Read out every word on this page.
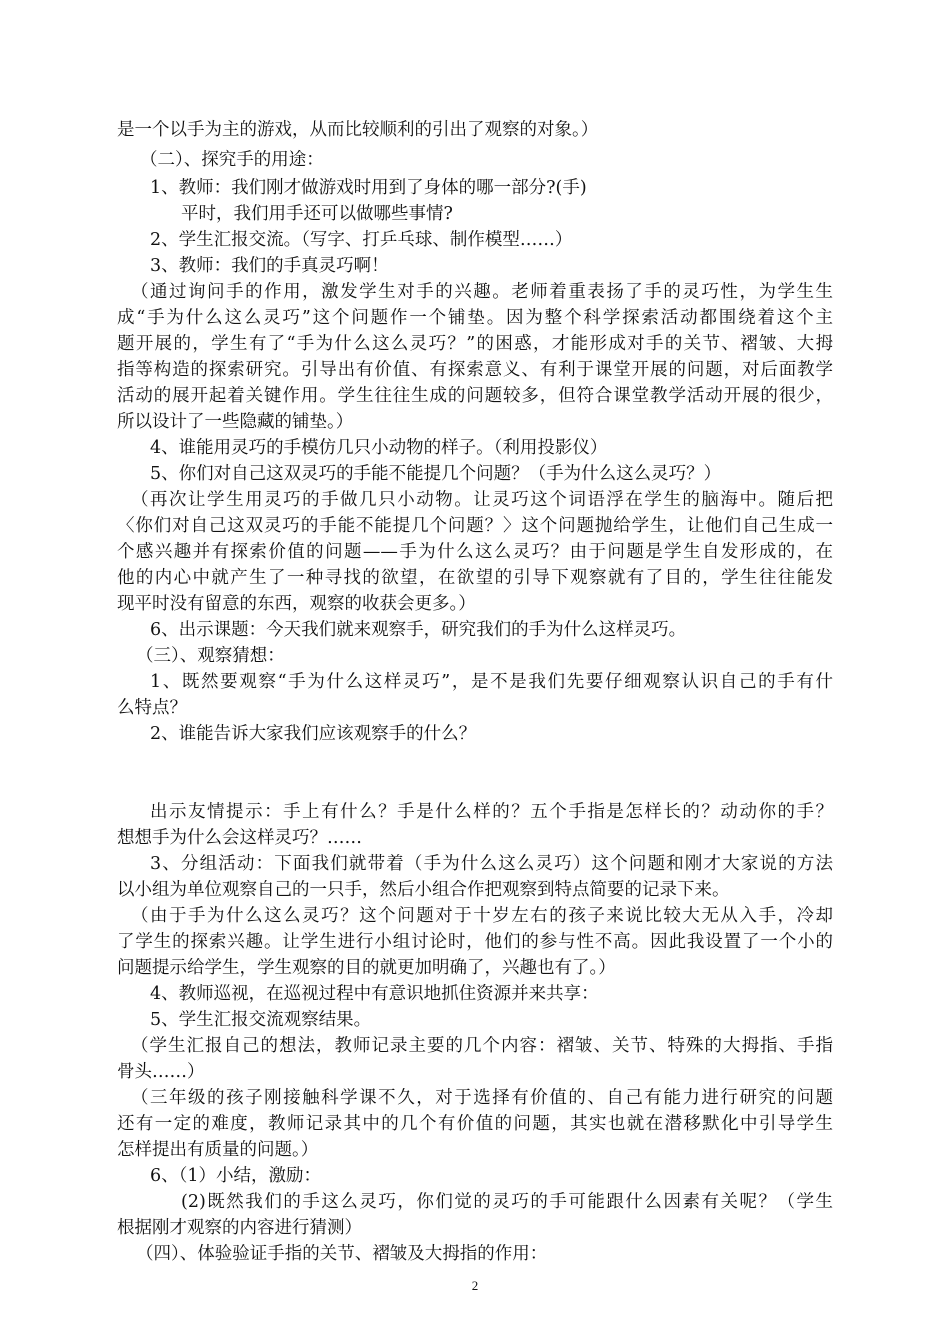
是一个以手为主的游戏，从而比较顺利的引出了观察的对象。）
（二）、探究手的用途：
1、教师：我们刚才做游戏时用到了身体的哪一部分?(手)
平时，我们用手还可以做哪些事情?
2、学生汇报交流。（写字、打乒乓球、制作模型……）
3、教师：我们的手真灵巧啊！
（通过询问手的作用，激发学生对手的兴趣。老师着重表扬了手的灵巧性，为学生生
成“手为什么这么灵巧”这个问题作一个铺垫。因为整个科学探索活动都围绕着这个主
题开展的，学生有了“手为什么这么灵巧？”的困惑，才能形成对手的关节、褶皱、大拇
指等构造的探索研究。引导出有价值、有探索意义、有利于课堂开展的问题，对后面教学
活动的展开起着关键作用。学生往往生成的问题较多，但符合课堂教学活动开展的很少，
所以设计了一些隐藏的铺垫。）
4、谁能用灵巧的手模仿几只小动物的样子。（利用投影仪）
5、你们对自己这双灵巧的手能不能提几个问题？（手为什么这么灵巧？）
（再次让学生用灵巧的手做几只小动物。让灵巧这个词语浮在学生的脑海中。随后把
〈你们对自己这双灵巧的手能不能提几个问题？〉这个问题抛给学生，让他们自己生成一
个感兴趣并有探索价值的问题——手为什么这么灵巧？由于问题是学生自发形成的，在
他的内心中就产生了一种寻找的欲望，在欲望的引导下观察就有了目的，学生往往能发
现平时没有留意的东西，观察的收获会更多。）
6、出示课题：今天我们就来观察手，研究我们的手为什么这样灵巧。
（三）、观察猜想：
1、既然要观察“手为什么这样灵巧”，是不是我们先要仔细观察认识自己的手有什
么特点？
2、谁能告诉大家我们应该观察手的什么？
出示友情提示：手上有什么？手是什么样的？五个手指是怎样长的？动动你的手？
想想手为什么会这样灵巧？……
3、分组活动：下面我们就带着（手为什么这么灵巧）这个问题和刚才大家说的方法
以小组为单位观察自己的一只手，然后小组合作把观察到特点简要的记录下来。
（由于手为什么这么灵巧？这个问题对于十岁左右的孩子来说比较大无从入手，冷却
了学生的探索兴趣。让学生进行小组讨论时，他们的参与性不高。因此我设置了一个小的
问题提示给学生，学生观察的目的就更加明确了，兴趣也有了。）
4、教师巡视，在巡视过程中有意识地抓住资源并来共享：
5、学生汇报交流观察结果。
（学生汇报自己的想法，教师记录主要的几个内容：褶皱、关节、特殊的大拇指、手指
骨头……）
（三年级的孩子刚接触科学课不久，对于选择有价值的、自己有能力进行研究的问题
还有一定的难度，教师记录其中的几个有价值的问题，其实也就在潜移默化中引导学生
怎样提出有质量的问题。）
6、（1）小结，激励：
(2)既然我们的手这么灵巧，你们觉的灵巧的手可能跟什么因素有关呢？（学生
根据刚才观察的内容进行猜测）
（四）、体验验证手指的关节、褶皱及大拇指的作用：
2
